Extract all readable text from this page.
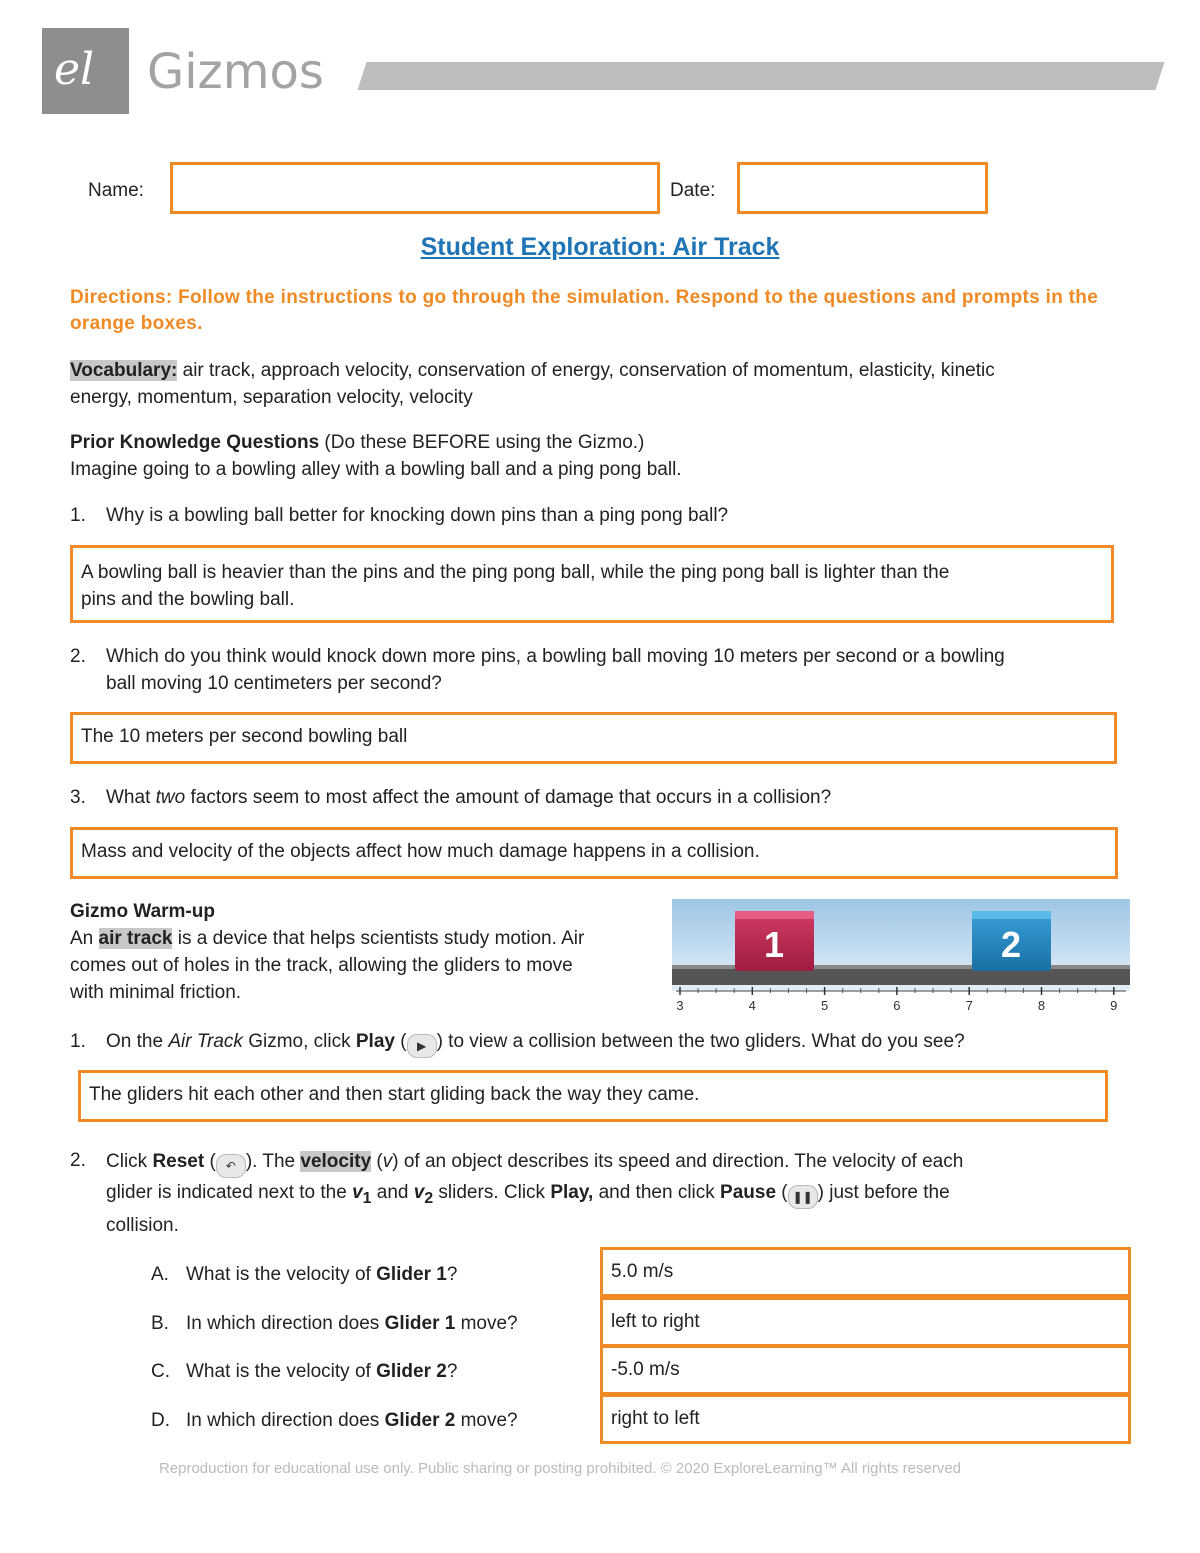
el Gizmos
Name:	Date:
Student Exploration: Air Track
Directions: Follow the instructions to go through the simulation. Respond to the questions and prompts in the orange boxes.
Vocabulary: air track, approach velocity, conservation of energy, conservation of momentum, elasticity, kinetic
energy, momentum, separation velocity, velocity
Prior Knowledge Questions (Do these BEFORE using the Gizmo.)
Imagine going to a bowling alley with a bowling ball and a ping pong ball.
1. Why is a bowling ball better for knocking down pins than a ping pong ball?
A bowling ball is heavier than the pins and the ping pong ball, while the ping pong ball is lighter than the
pins and the bowling ball.
2. Which do you think would knock down more pins, a bowling ball moving 10 meters per second or a bowling
ball moving 10 centimeters per second?
The 10 meters per second bowling ball
3. What two factors seem to most affect the amount of damage that occurs in a collision?
Mass and velocity of the objects affect how much damage happens in a collision.
Gizmo Warm-up
An air track is a device that helps scientists study motion. Air
comes out of holes in the track, allowing the gliders to move
with minimal friction.
1	2
3	4	5	6	7	8	9
1. On the Air Track Gizmo, click Play ( ▶ ) to view a collision between the two gliders. What do you see?
The gliders hit each other and then start gliding back the way they came.
2. Click Reset ( ↶ ). The velocity (v) of an object describes its speed and direction. The velocity of each
glider is indicated next to the $v_1$ and $v_2$ sliders. Click Play, and then click Pause ( ❚❚ ) just before the
collision.
A. What is the velocity of Glider 1?	5.0 m/s
B. In which direction does Glider 1 move?	left to right
C. What is the velocity of Glider 2?	-5.0 m/s
D. In which direction does Glider 2 move?	right to left
Reproduction for educational use only. Public sharing or posting prohibited. © 2020 ExploreLearning™ All rights reserved
